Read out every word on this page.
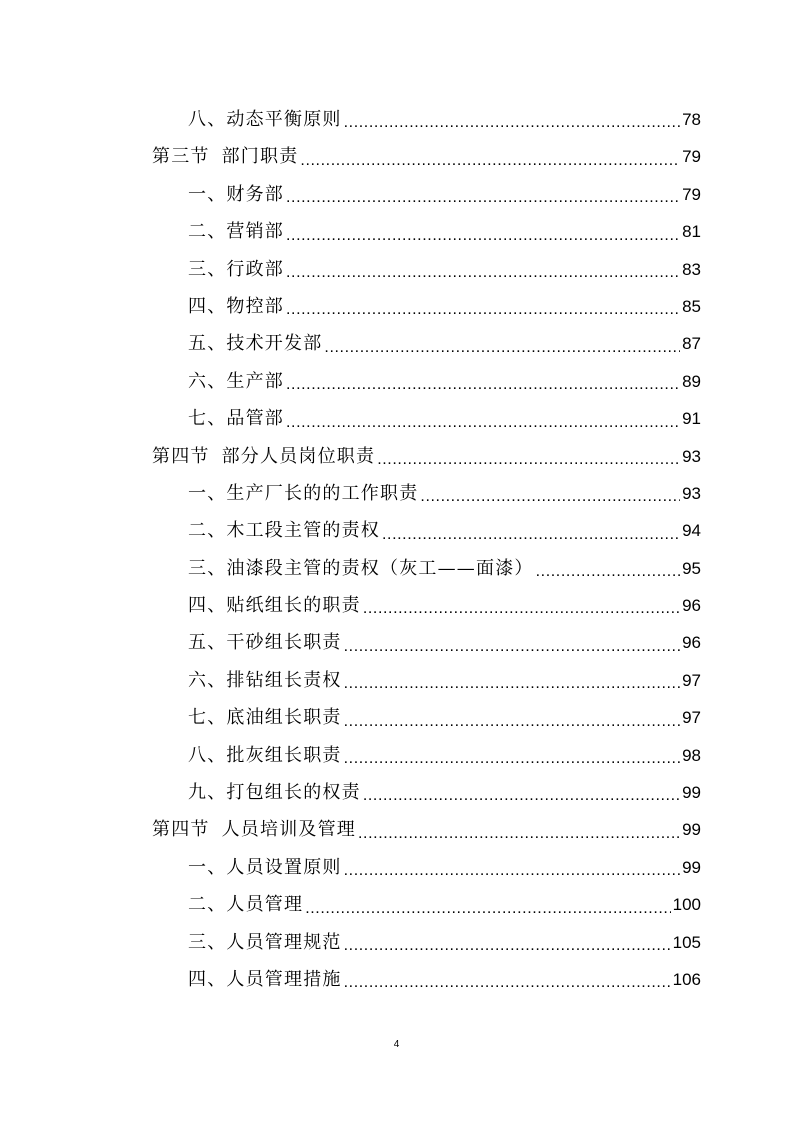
八、动态平衡原则 .....	78
第三节 部门职责 .....	79
一、财务部 .....	79
二、营销部 .....	81
三、行政部 .....	83
四、物控部 .....	85
五、技术开发部 .....	87
六、生产部 .....	89
七、品管部 .....	91
第四节 部分人员岗位职责 .....	93
一、生产厂长的的工作职责 .....	93
二、木工段主管的责权 .....	94
三、油漆段主管的责权（灰工——面漆） .....	95
四、贴纸组长的职责 .....	96
五、干砂组长职责 .....	96
六、排钻组长责权 .....	97
七、底油组长职责 .....	97
八、批灰组长职责 .....	98
九、打包组长的权责 .....	99
第四节 人员培训及管理 .....	99
一、人员设置原则 .....	99
二、人员管理 .....	100
三、人员管理规范 .....	105
四、人员管理措施 .....	106
4
